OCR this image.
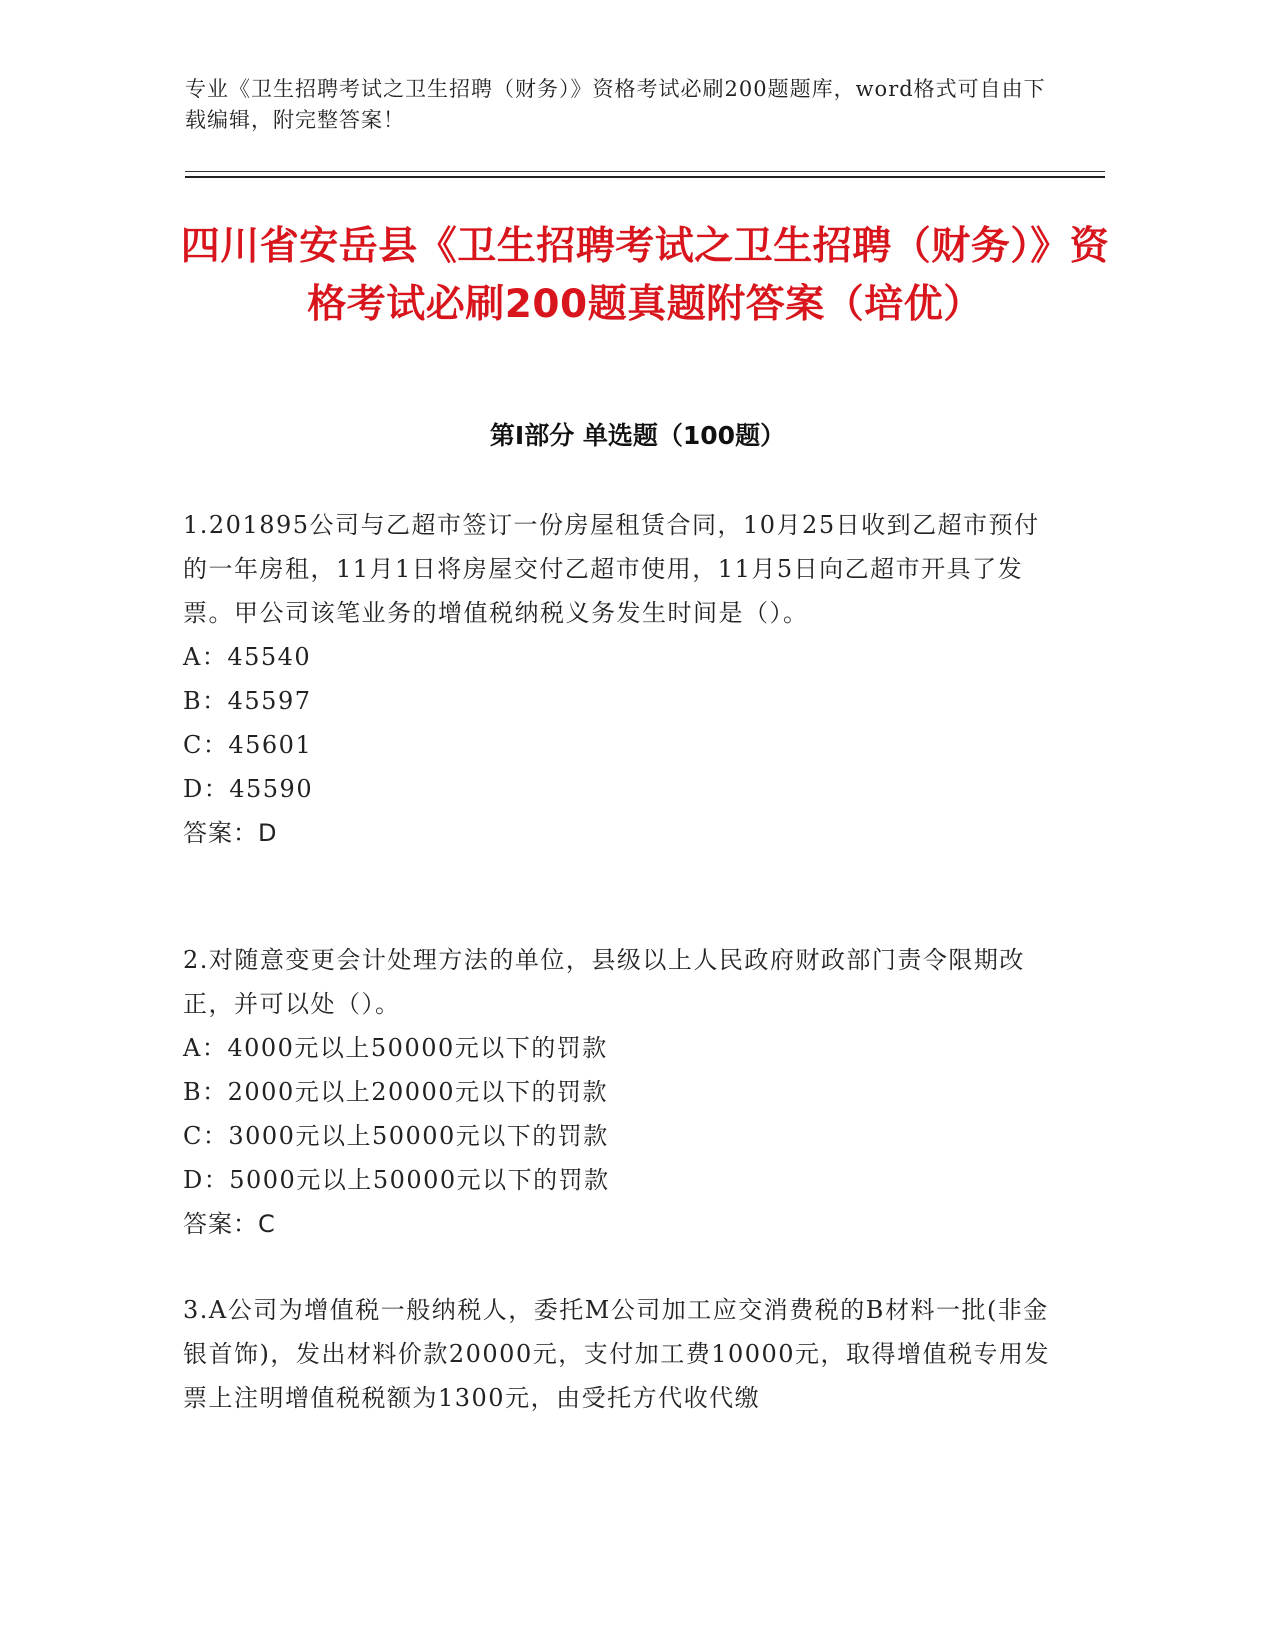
专业《卫生招聘考试之卫生招聘（财务）》资格考试必刷200题题库，word格式可自由下载编辑，附完整答案！
四川省安岳县《卫生招聘考试之卫生招聘（财务）》资格考试必刷200题真题附答案（培优）
第Ⅰ部分 单选题（100题）

1.201895公司与乙超市签订一份房屋租赁合同，10月25日收到乙超市预付的一年房租，11月1日将房屋交付乙超市使用，11月5日向乙超市开具了发票。甲公司该笔业务的增值税纳税义务发生时间是（）。

A：45540

B：45597

C：45601

D：45590

答案：D

2.对随意变更会计处理方法的单位，县级以上人民政府财政部门责令限期改正，并可以处（）。

A：4000元以上50000元以下的罚款

B：2000元以上20000元以下的罚款

C：3000元以上50000元以下的罚款

D：5000元以上50000元以下的罚款

答案：C

3.A公司为增值税一般纳税人，委托M公司加工应交消费税的B材料一批(非金银首饰)，发出材料价款20000元，支付加工费10000元，取得增值税专用发票上注明增值税税额为1300元，由受托方代收代缴
